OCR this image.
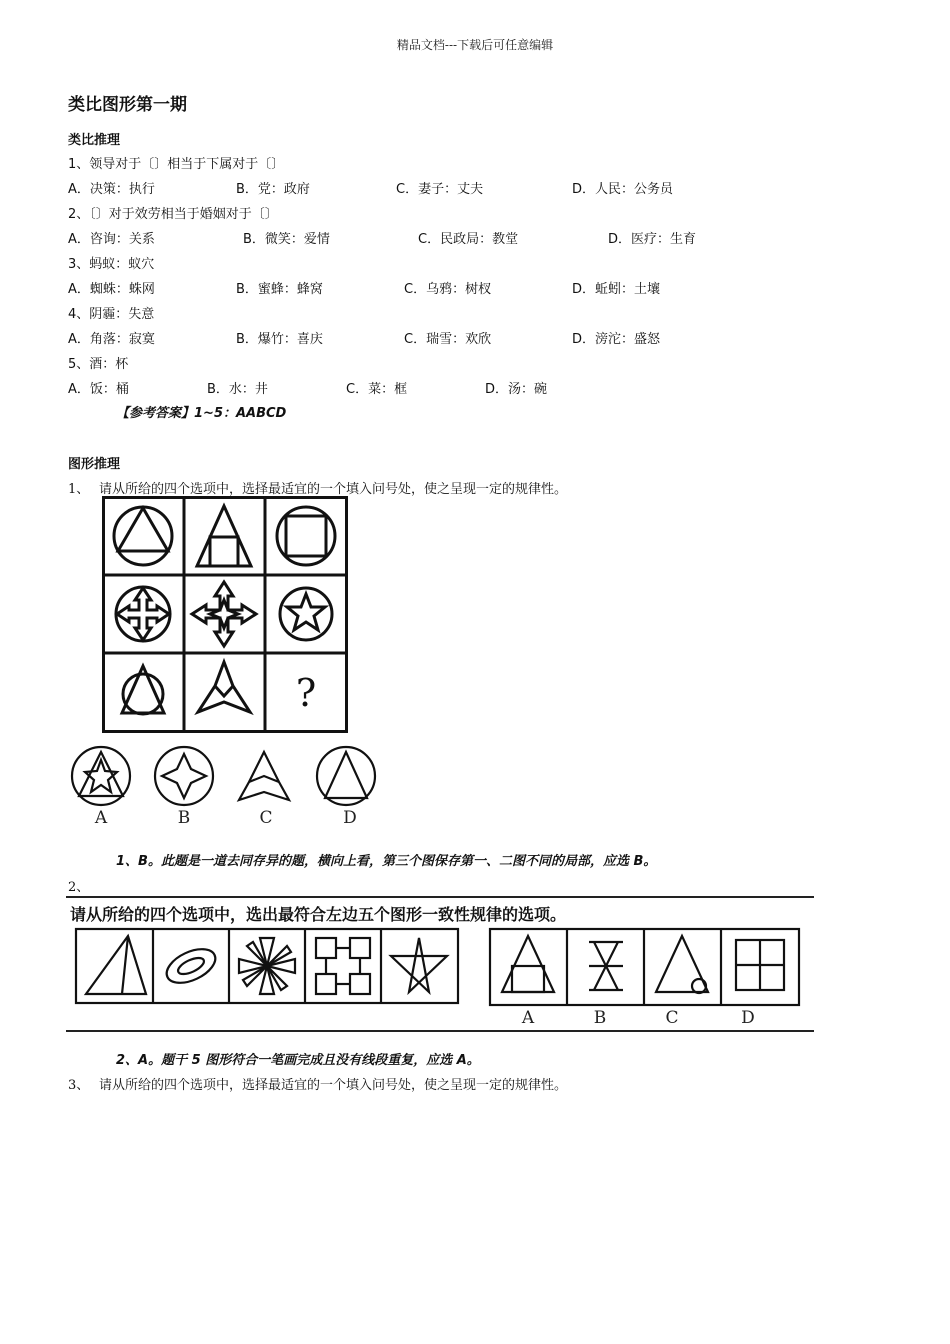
精品文档---下载后可任意编辑
类比图形第一期
类比推理
1、领导对于〔〕相当于下属对于〔〕
A．决策：执行	B．党：政府	C．妻子：丈夫	D．人民：公务员
2、〔〕对于效劳相当于婚姻对于〔〕
A．咨询：关系	B．微笑：爱情	C．民政局：教堂	D．医疗：生育
3、蚂蚁：蚁穴
A．蜘蛛：蛛网	B．蜜蜂：蜂窝	C．乌鸦：树杈	D．蚯蚓：土壤
4、阴霾：失意
A．角落：寂寞	B．爆竹：喜庆	C．瑞雪：欢欣	D．滂沱：盛怒
5、酒：杯
A．饭：桶	B．水：井	C．菜：框	D．汤：碗
【参考答案】1~5：AABCD
图形推理
1、 请从所给的四个选项中，选择最适宜的一个填入问号处，使之呈现一定的规律性。
?
A	B	C	D
1、B。此题是一道去同存异的题，横向上看，第三个图保存第一、二图不同的局部，应选 B。
2、
请从所给的四个选项中，选出最符合左边五个图形一致性规律的选项。
A	B	C	D
2、A。题干 5 图形符合一笔画完成且没有线段重复，应选 A。
3、 请从所给的四个选项中，选择最适宜的一个填入问号处，使之呈现一定的规律性。
